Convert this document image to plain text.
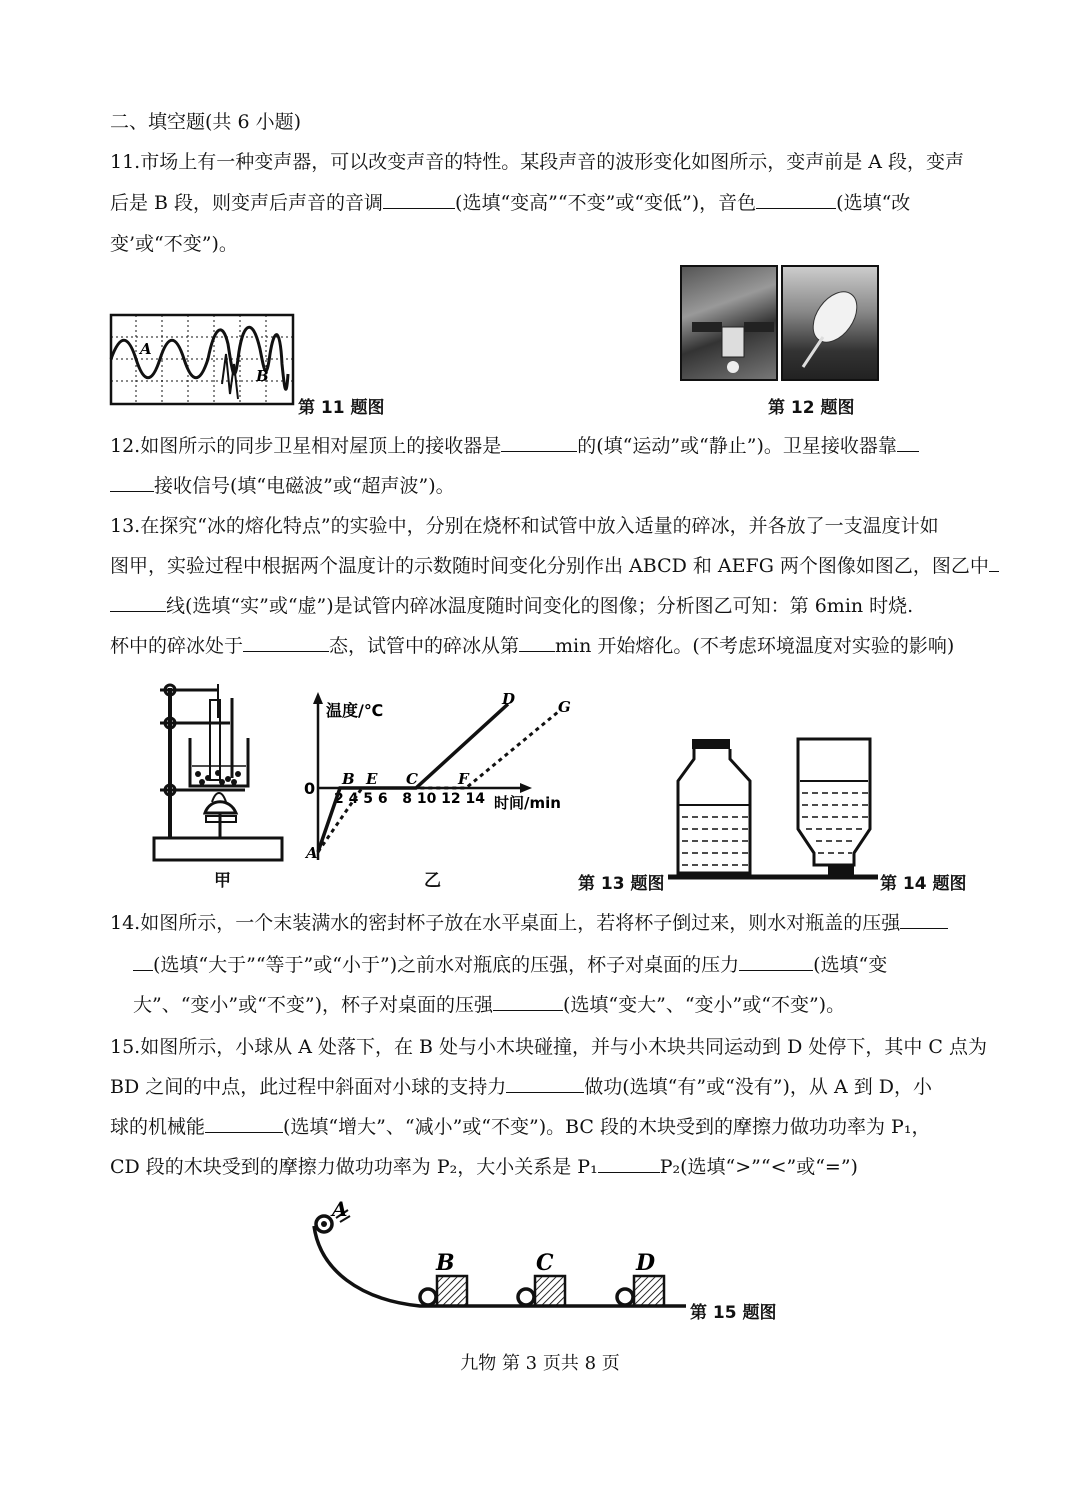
二、填空题(共 6 小题)
11.市场上有一种变声器，可以改变声音的特性。某段声音的波形变化如图所示，变声前是 A 段，变声
后是 B 段，则变声后声音的音调	(选填“变高”“不变”或“变低”)，音色	(选填“改
变’或“不变”)。
A
B
第 11 题图	第 12 题图
12.如图所示的同步卫星相对屋顶上的接收器是	的(填“运动”或“静止”)。卫星接收器靠
接收信号(填“电磁波”或“超声波”)。
13.在探究“冰的熔化特点”的实验中，分别在烧杯和试管中放入适量的碎冰，并各放了一支温度计如
图甲，实验过程中根据两个温度计的示数随时间变化分别作出 ABCD 和 AEFG 两个图像如图乙，图乙中
线(选填“实”或“虚”)是试管内碎冰温度随时间变化的图像；分析图乙可知：第 6min 时烧.
杯中的碎冰处于	态，试管中的碎冰从第 min 开始熔化。(不考虑环境温度对实验的影响)
甲
温度/℃
时间/min
0
2 4 5 6   8 10 12 14
A
B E C	F
D	G
乙	第 13 题图	第 14 题图
14.如图所示，一个末装满水的密封杯子放在水平桌面上，若将杯子倒过来，则水对瓶盖的压强
(选填“大于”“等于”或“小于”)之前水对瓶底的压强，杯子对桌面的压力	(选填“变
大”、“变小”或“不变”)，杯子对桌面的压强	(选填“变大”、“变小”或“不变”)。
15.如图所示，小球从 A 处落下，在 B 处与小木块碰撞，并与小木块共同运动到 D 处停下，其中 C 点为
BD 之间的中点，此过程中斜面对小球的支持力	做功(选填“有”或“没有”)，从 A 到 D，小
球的机械能	(选填“增大”、“减小”或“不变”)。BC 段的木块受到的摩擦力做功功率为 P₁，
CD 段的木块受到的摩擦力做功功率为 P₂，大小关系是 P₁	P₂(选填“>”“<”或“=”)
A
B	C	D
第 15 题图
九物 第 3 页共 8 页
